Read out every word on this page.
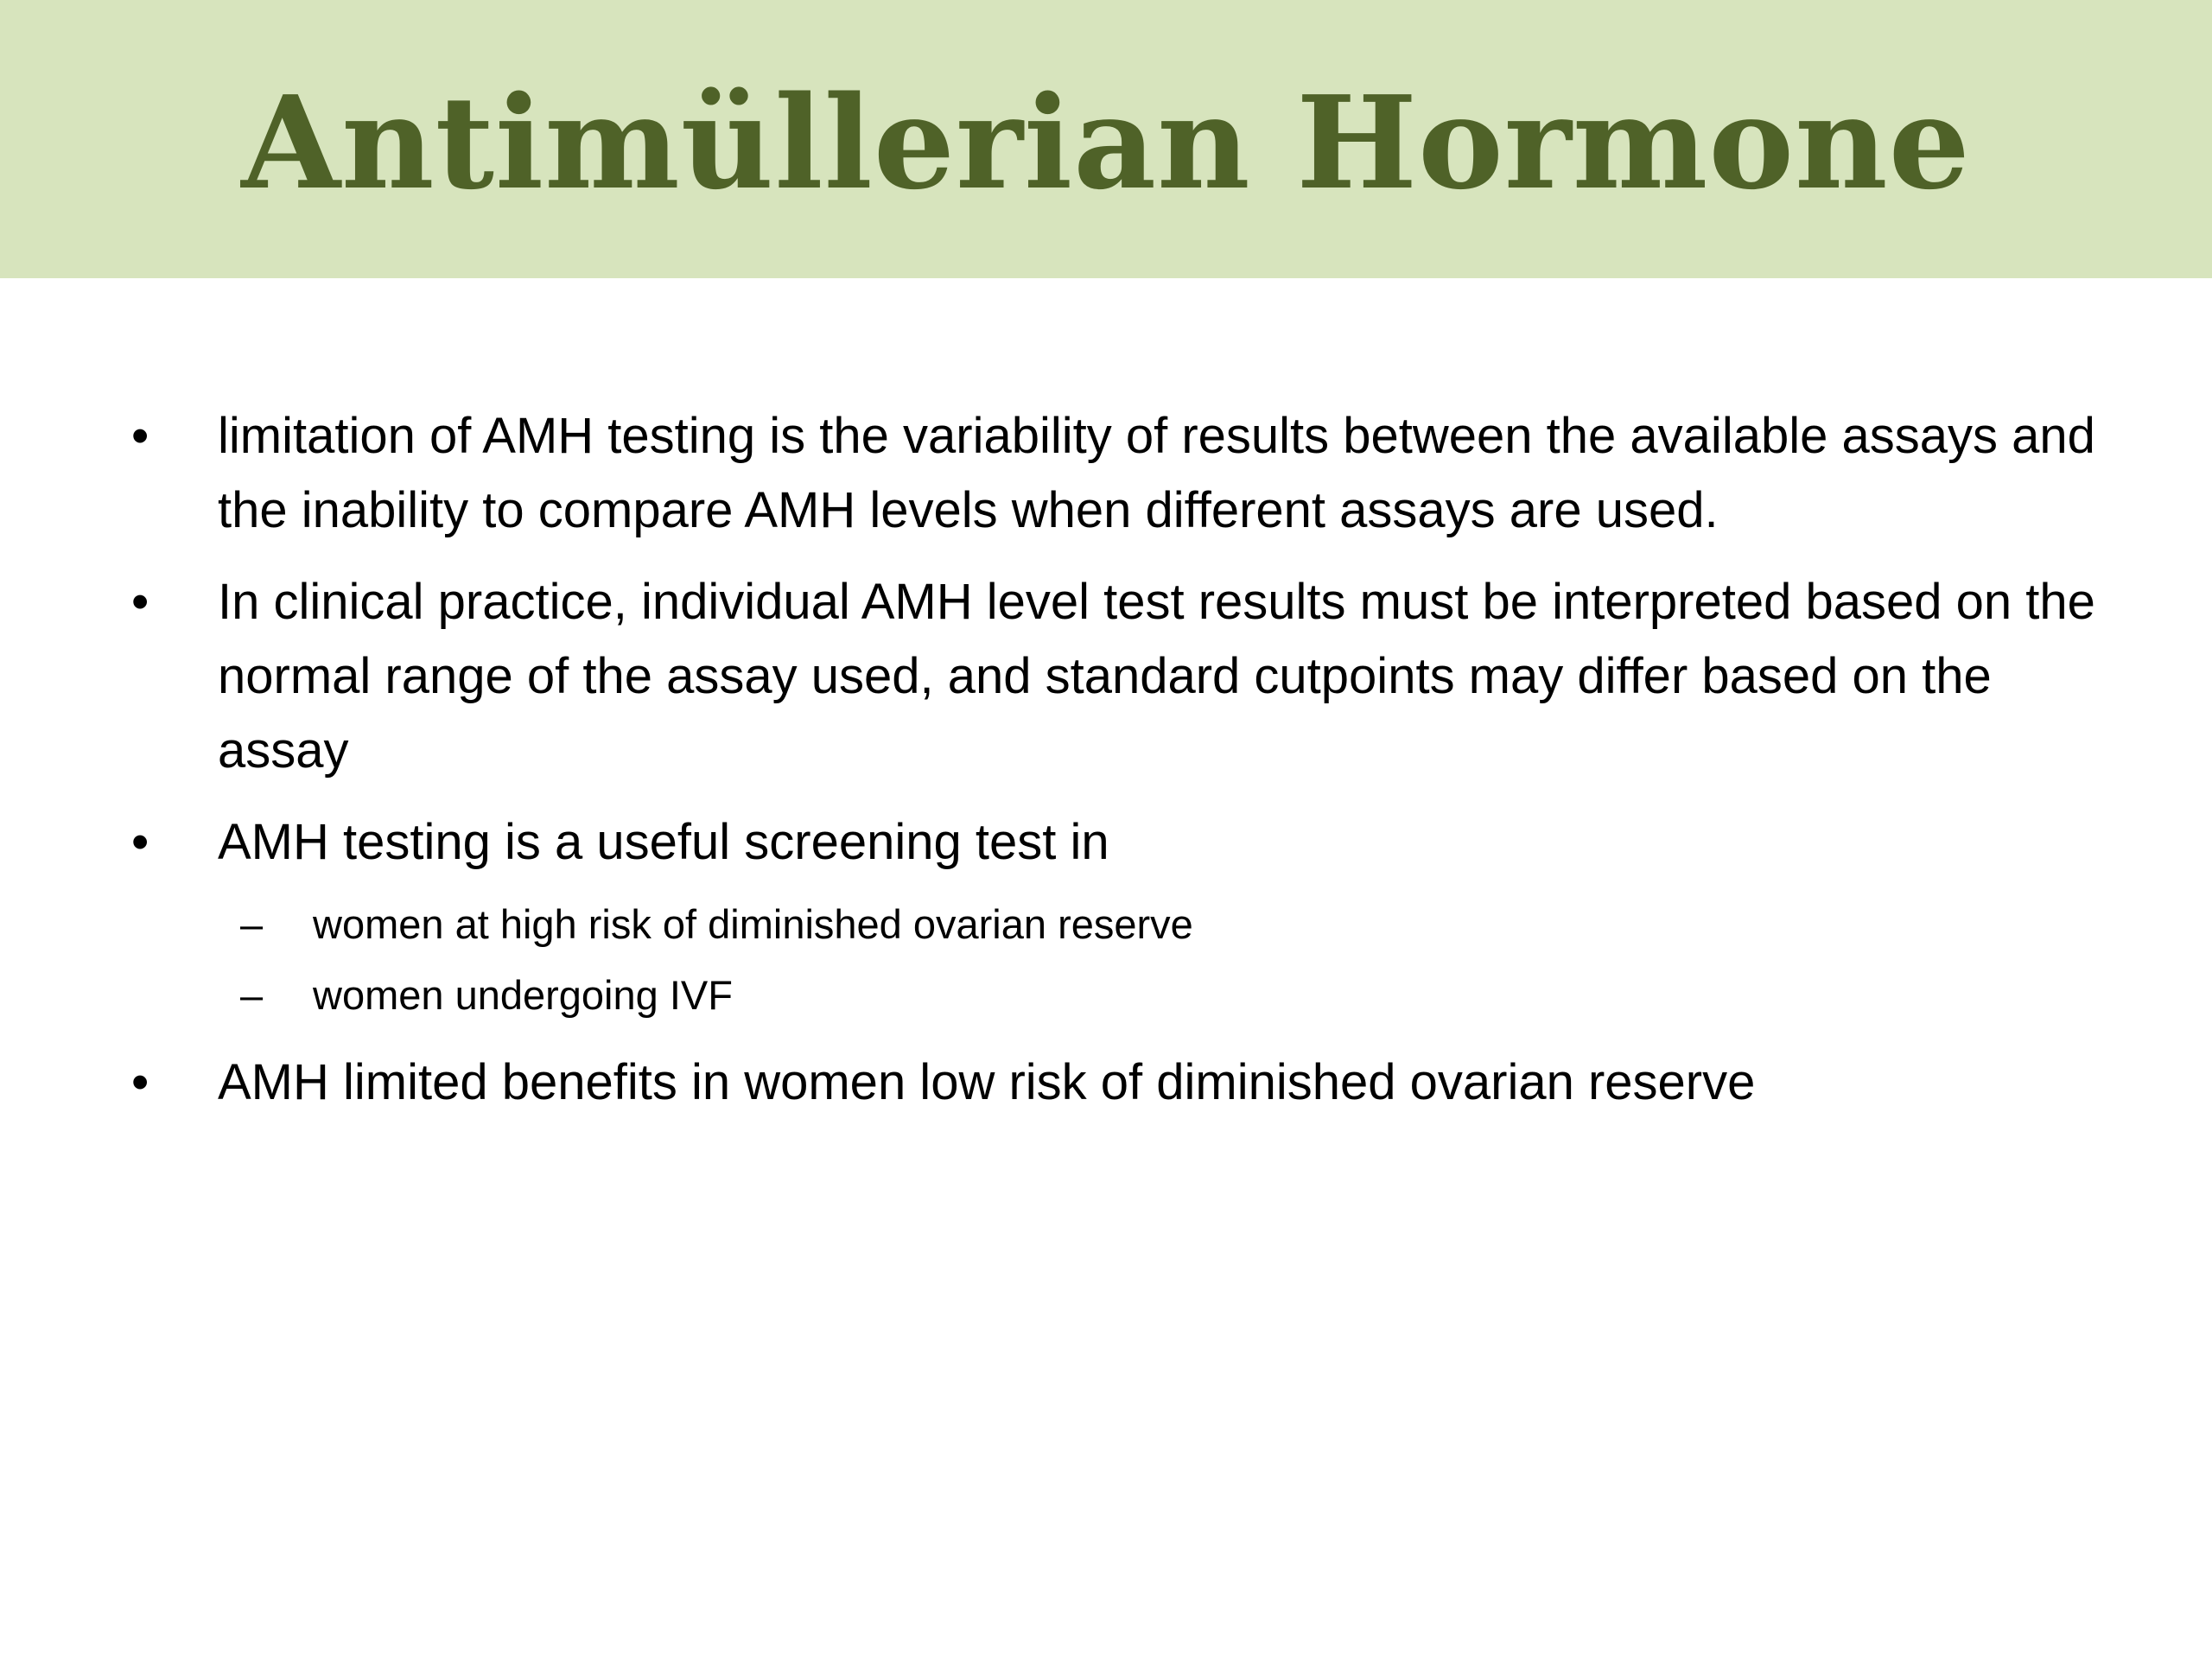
Antimüllerian Hormone
•	limitation of AMH testing is the variability of results between the available assays and the inability to compare AMH levels when different assays are used.
•	In clinical practice, individual AMH level test results must be interpreted based on the normal range of the assay used, and standard cutpoints may differ based on the assay
•	AMH testing is a useful screening test in
– women at high risk of diminished ovarian reserve
– women undergoing IVF
•	AMH limited benefits in women low risk of diminished ovarian reserve
